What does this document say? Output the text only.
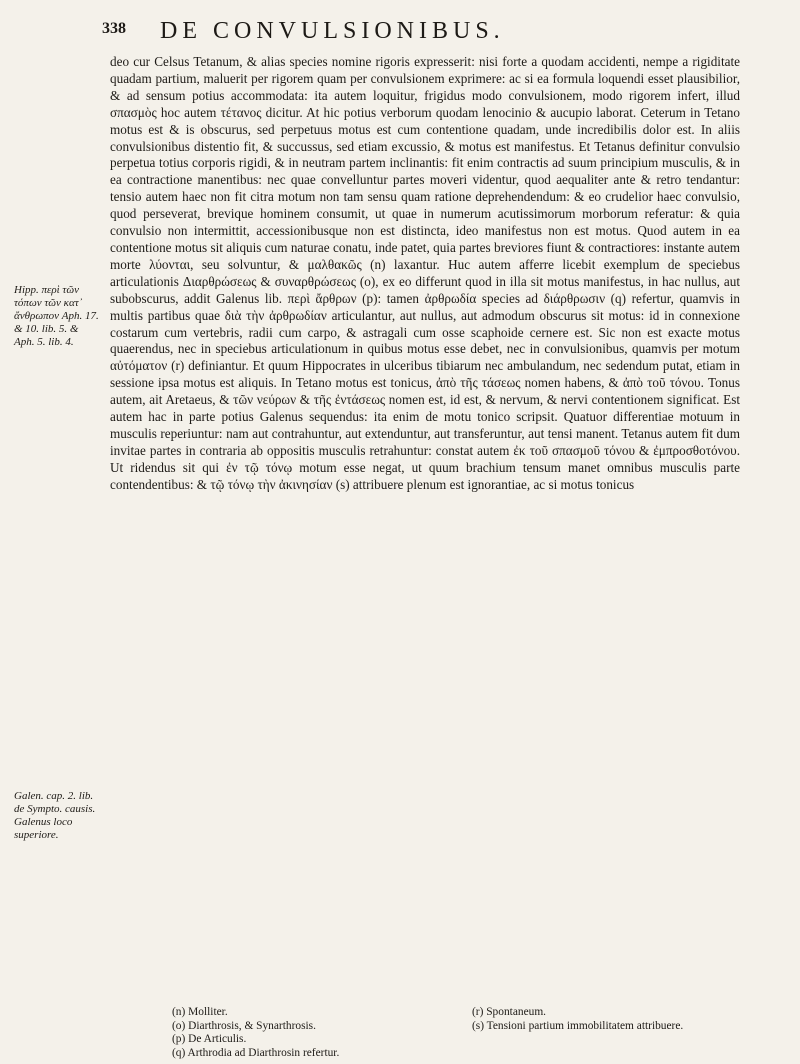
338 DE CONVULSIONIBUS.
Hipp. περὶ τῶν τόπων τῶν κατ᾽ ἄνθρωπον Aph. 17. & 10. lib. 5. & Aph. 5. lib. 4.
Galen. cap. 2. lib. de Sympto. causis. Galenus loco superiore.

deo cur Celsus Tetanum, & alias species nomine rigoris expresserit: nisi forte a quodam accidenti, nempe a rigiditate quadam partium, maluerit per rigorem quam per convulsionem exprimere: ac si ea formula loquendi esset plausibilior, & ad sensum potius accommodata: ita autem loquitur, frigidus modo convulsionem, modo rigorem infert, illud σπασμὸς hoc autem τέτανος dicitur. At hic potius verborum quodam lenocinio & aucupio laborat. Ceterum in Tetano motus est & is obscurus, sed perpetuus motus est cum contentione quadam, unde incredibilis dolor est. In aliis convulsionibus distentio fit, & succussus, sed etiam excussio, & motus est manifestus. Et Tetanus definitur convulsio perpetua totius corporis rigidi, & in neutram partem inclinantis: fit enim contractis ad suum principium musculis, & in ea contractione manentibus: nec quae convelluntur partes moveri videntur, quod aequaliter ante & retro tendantur: tensio autem haec non fit citra motum non tam sensu quam ratione deprehendendum: & eo crudelior haec convulsio, quod perseverat, brevique hominem consumit, ut quae in numerum acutissimorum morborum referatur: & quia convulsio non intermittit, accessionibusque non est distincta, ideo manifestus non est motus. Quod autem in ea contentione motus sit aliquis cum naturae conatu, inde patet, quia partes breviores fiunt & contractiores: instante autem morte λύονται, seu solvuntur, & μαλθακῶς (n) laxantur. Huc autem afferre licebit exemplum de speciebus articulationis Διαρθρώσεως & συναρθρώσεως (o), ex eo differunt quod in illa sit motus manifestus, in hac nullus, aut subobscurus, addit Galenus lib. περὶ ἄρθρων (p): tamen ἀρθρωδία species ad διάρθρωσιν (q) refertur, quamvis in multis partibus quae διὰ τὴν ἀρθρωδίαν articulantur, aut nullus, aut admodum obscurus sit motus: id in connexione costarum cum vertebris, radii cum carpo, & astragali cum osse scaphoide cernere est. Sic non est exacte motus quaerendus, nec in speciebus articulationum in quibus motus esse debet, nec in convulsionibus, quamvis per motum αὐτόματον (r) definiantur. Et quum Hippocrates in ulceribus tibiarum nec ambulandum, nec sedendum putat, etiam in sessione ipsa motus est aliquis. In Tetano motus est tonicus, ἀπὸ τῆς τάσεως nomen habens, & ἀπὸ τοῦ τόνου. Tonus autem, ait Aretaeus, & τῶν νεύρων & τῆς ἐντάσεως nomen est, id est, & nervum, & nervi contentionem significat. Est autem hac in parte potius Galenus sequendus: ita enim de motu tonico scripsit. Quatuor differentiae motuum in musculis reperiuntur: nam aut contrahuntur, aut extenduntur, aut transferuntur, aut tensi manent. Tetanus autem fit dum invitae partes in contraria ab oppositis musculis retrahuntur: constat autem ἐκ τοῦ σπασμοῦ τόνου & ἐμπροσθοτόνου. Ut ridendus sit qui ἐν τῷ τόνῳ motum esse negat, ut quum brachium tensum manet omnibus musculis parte contendentibus: & τῷ τόνῳ τὴν ἀκινησίαν (s) attribuere plenum est ignorantiae, ac si motus tonicus

(n) Molliter.
(o) Diarthrosis, & Synarthrosis.
(p) De Articulis.
(q) Arthrodia ad Diarthrosin refertur.
(r) Spontaneum.
(s) Tensioni partium immobilitatem attribuere.
